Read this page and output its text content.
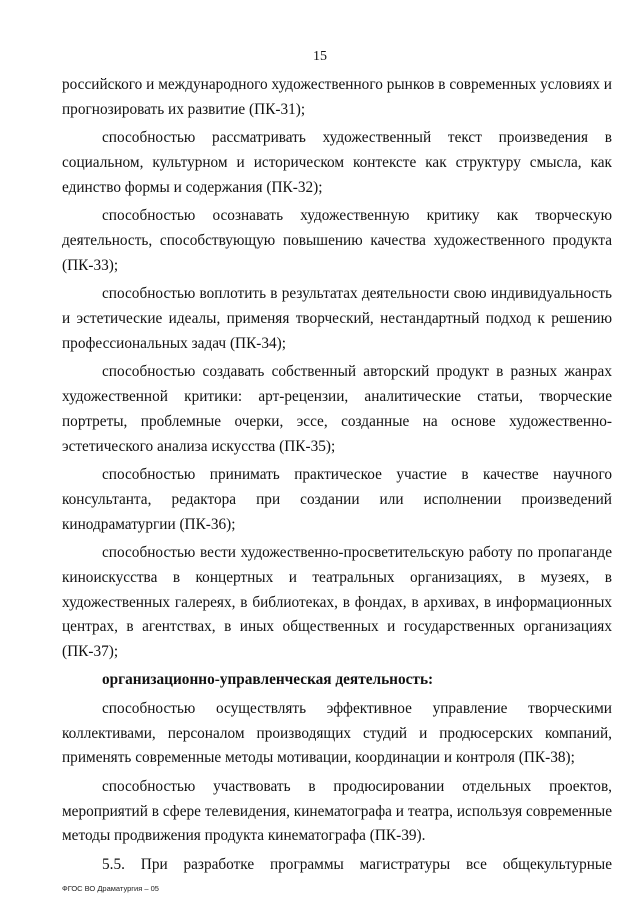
15

российского и международного художественного рынков в современных условиях и прогнозировать их развитие (ПК-31);

способностью рассматривать художественный текст произведения в социальном, культурном и историческом контексте как структуру смысла, как единство формы и содержания (ПК-32);

способностью осознавать художественную критику как творческую деятельность, способствующую повышению качества художественного продукта (ПК-33);

способностью воплотить в результатах деятельности свою индивидуальность и эстетические идеалы, применяя творческий, нестандартный подход к решению профессиональных задач (ПК-34);

способностью создавать собственный авторский продукт в разных жанрах художественной критики: арт-рецензии, аналитические статьи, творческие портреты, проблемные очерки, эссе, созданные на основе художественно-эстетического анализа искусства (ПК-35);

способностью принимать практическое участие в качестве научного консультанта, редактора при создании или исполнении произведений кинодраматургии (ПК-36);

способностью вести художественно-просветительскую работу по пропаганде киноискусства в концертных и театральных организациях, в музеях, в художественных галереях, в библиотеках, в фондах, в архивах, в информационных центрах, в агентствах, в иных общественных и государственных организациях (ПК-37);

организационно-управленческая деятельность:

способностью осуществлять эффективное управление творческими коллективами, персоналом производящих студий и продюсерских компаний, применять современные методы мотивации, координации и контроля (ПК-38);

способностью участвовать в продюсировании отдельных проектов, мероприятий в сфере телевидения, кинематографа и театра, используя современные методы продвижения продукта кинематографа (ПК-39).

5.5. При разработке программы магистратуры все общекультурные

ФГОС ВО Драматургия – 05
